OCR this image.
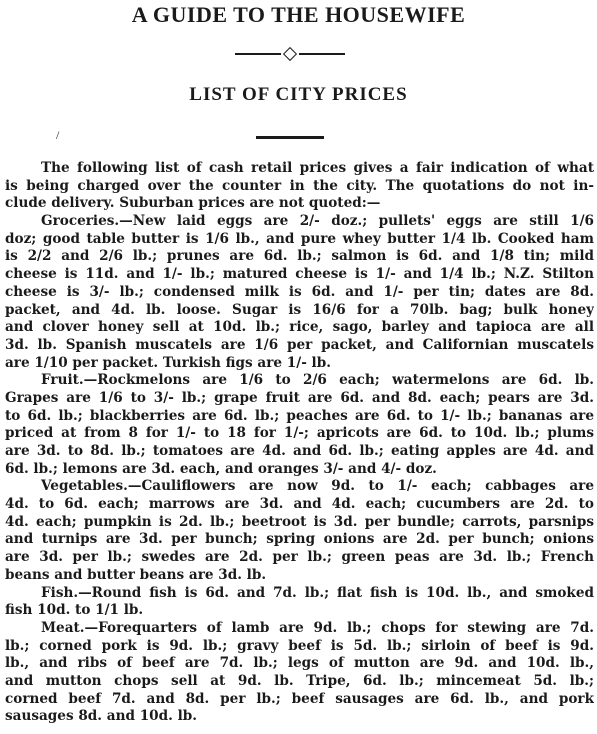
A GUIDE TO THE HOUSEWIFE
LIST OF CITY PRICES
/
The following list of cash retail prices gives a fair indication of what
is being charged over the counter in the city. The quotations do not in-
clude delivery. Suburban prices are not quoted:—
Groceries.—New laid eggs are 2/- doz.; pullets' eggs are still 1/6
doz; good table butter is 1/6 lb., and pure whey butter 1/4 lb. Cooked ham
is 2/2 and 2/6 lb.; prunes are 6d. lb.; salmon is 6d. and 1/8 tin; mild
cheese is 11d. and 1/- lb.; matured cheese is 1/- and 1/4 lb.; N.Z. Stilton
cheese is 3/- lb.; condensed milk is 6d. and 1/- per tin; dates are 8d.
packet, and 4d. lb. loose. Sugar is 16/6 for a 70lb. bag; bulk honey
and clover honey sell at 10d. lb.; rice, sago, barley and tapioca are all
3d. lb. Spanish muscatels are 1/6 per packet, and Californian muscatels
are 1/10 per packet. Turkish figs are 1/- lb.
Fruit.—Rockmelons are 1/6 to 2/6 each; watermelons are 6d. lb.
Grapes are 1/6 to 3/- lb.; grape fruit are 6d. and 8d. each; pears are 3d.
to 6d. lb.; blackberries are 6d. lb.; peaches are 6d. to 1/- lb.; bananas are
priced at from 8 for 1/- to 18 for 1/-; apricots are 6d. to 10d. lb.; plums
are 3d. to 8d. lb.; tomatoes are 4d. and 6d. lb.; eating apples are 4d. and
6d. lb.; lemons are 3d. each, and oranges 3/- and 4/- doz.
Vegetables.—Cauliflowers are now 9d. to 1/- each; cabbages are
4d. to 6d. each; marrows are 3d. and 4d. each; cucumbers are 2d. to
4d. each; pumpkin is 2d. lb.; beetroot is 3d. per bundle; carrots, parsnips
and turnips are 3d. per bunch; spring onions are 2d. per bunch; onions
are 3d. per lb.; swedes are 2d. per lb.; green peas are 3d. lb.; French
beans and butter beans are 3d. lb.
Fish.—Round fish is 6d. and 7d. lb.; flat fish is 10d. lb., and smoked
fish 10d. to 1/1 lb.
Meat.—Forequarters of lamb are 9d. lb.; chops for stewing are 7d.
lb.; corned pork is 9d. lb.; gravy beef is 5d. lb.; sirloin of beef is 9d.
lb., and ribs of beef are 7d. lb.; legs of mutton are 9d. and 10d. lb.,
and mutton chops sell at 9d. lb. Tripe, 6d. lb.; mincemeat 5d. lb.;
corned beef 7d. and 8d. per lb.; beef sausages are 6d. lb., and pork
sausages 8d. and 10d. lb.
